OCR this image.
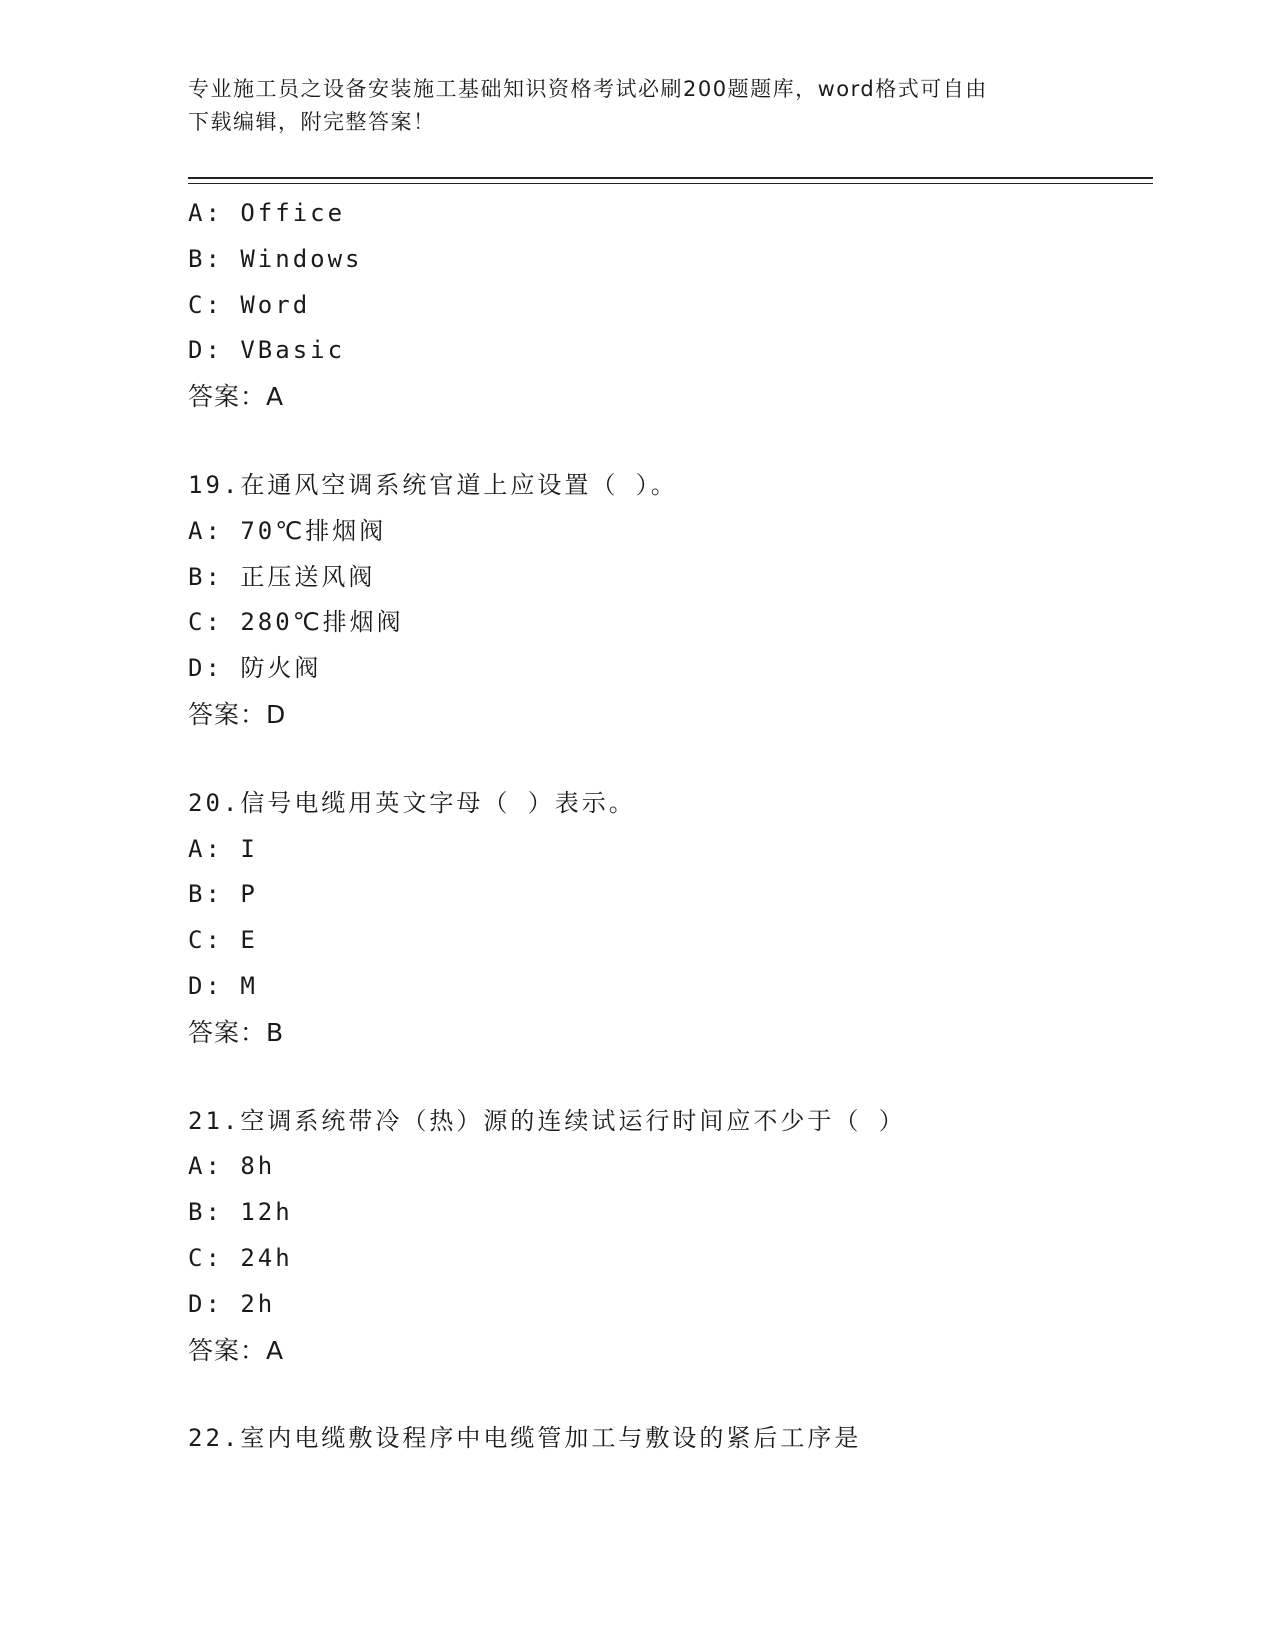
专业施工员之设备安装施工基础知识资格考试必刷200题题库，word格式可自由
下载编辑，附完整答案！
A: Office
B: Windows
C: Word
D: VBasic
答案：A
19.在通风空调系统官道上应设置（ ）。
A: 70℃排烟阀
B: 正压送风阀
C: 280℃排烟阀
D: 防火阀
答案：D
20.信号电缆用英文字母（ ）表示。
A: I
B: P
C: E
D: M
答案：B
21.空调系统带冷（热）源的连续试运行时间应不少于（ ）
A: 8h
B: 12h
C: 24h
D: 2h
答案：A
22.室内电缆敷设程序中电缆管加工与敷设的紧后工序是
